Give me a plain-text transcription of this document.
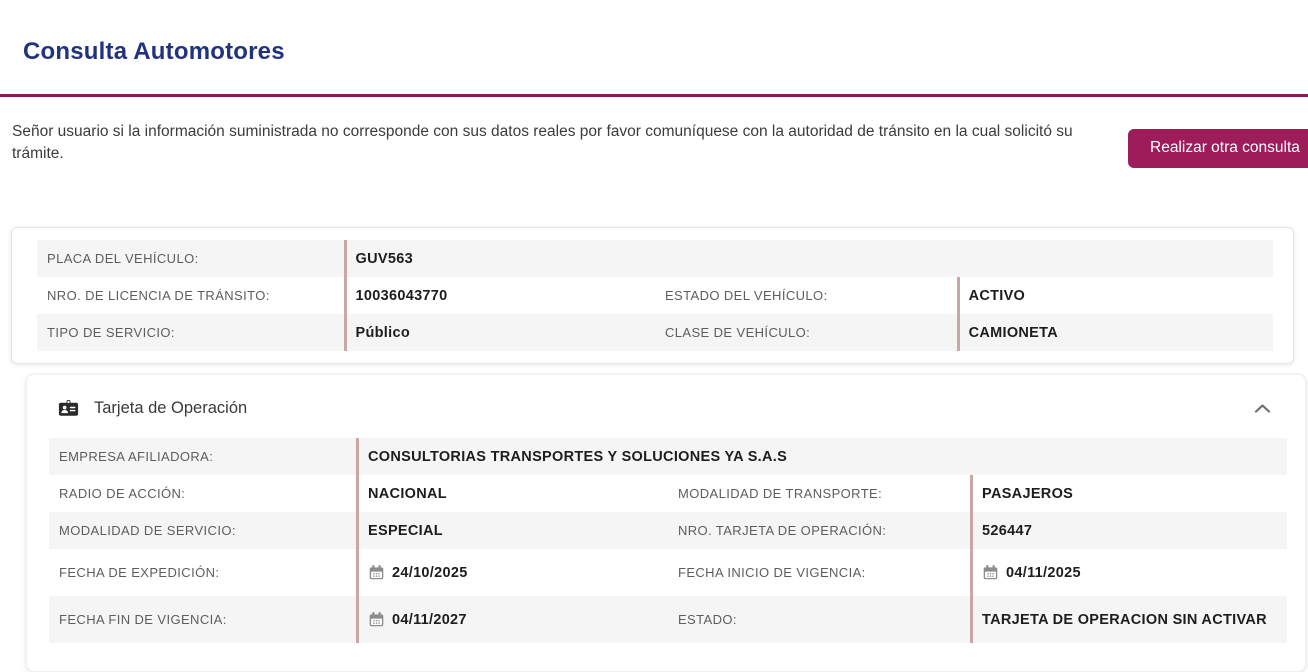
Consulta Automotores

Señor usuario si la información suministrada no corresponde con sus datos reales por favor comuníquese con la autoridad de tránsito en la cual solicitó su trámite.	Realizar otra consulta
PLACA DEL VEHÍCULO:	GUV563
NRO. DE LICENCIA DE TRÁNSITO:	10036043770	ESTADO DEL VEHÍCULO:	ACTIVO
TIPO DE SERVICIO:	Público	CLASE DE VEHÍCULO:	CAMIONETA
Tarjeta de Operación
EMPRESA AFILIADORA:	CONSULTORIAS TRANSPORTES Y SOLUCIONES YA S.A.S
RADIO DE ACCIÓN:	NACIONAL	MODALIDAD DE TRANSPORTE:	PASAJEROS
MODALIDAD DE SERVICIO:	ESPECIAL	NRO. TARJETA DE OPERACIÓN:	526447
FECHA DE EXPEDICIÓN:	24/10/2025	FECHA INICIO DE VIGENCIA:	04/11/2025
FECHA FIN DE VIGENCIA:	04/11/2027	ESTADO:	TARJETA DE OPERACION SIN ACTIVAR
